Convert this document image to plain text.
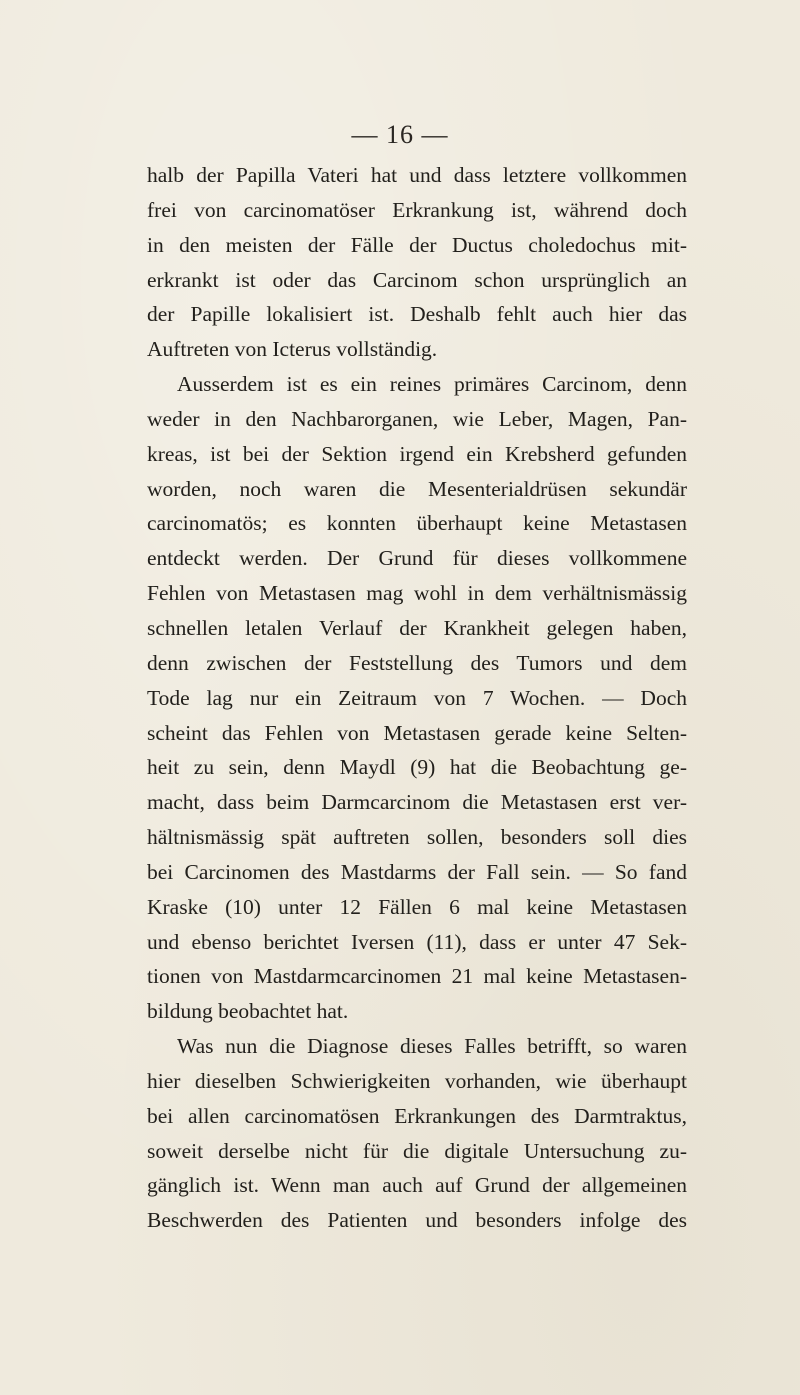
— 16 —
halb der Papilla Vateri hat und dass letztere vollkommen
frei von carcinomatöser Erkrankung ist, während doch
in den meisten der Fälle der Ductus choledochus mit-
erkrankt ist oder das Carcinom schon ursprünglich an
der Papille lokalisiert ist. Deshalb fehlt auch hier das
Auftreten von Icterus vollständig.
Ausserdem ist es ein reines primäres Carcinom, denn
weder in den Nachbarorganen, wie Leber, Magen, Pan-
kreas, ist bei der Sektion irgend ein Krebsherd gefunden
worden, noch waren die Mesenterialdrüsen sekundär
carcinomatös; es konnten überhaupt keine Metastasen
entdeckt werden. Der Grund für dieses vollkommene
Fehlen von Metastasen mag wohl in dem verhältnismässig
schnellen letalen Verlauf der Krankheit gelegen haben,
denn zwischen der Feststellung des Tumors und dem
Tode lag nur ein Zeitraum von 7 Wochen. — Doch
scheint das Fehlen von Metastasen gerade keine Selten-
heit zu sein, denn Maydl (9) hat die Beobachtung ge-
macht, dass beim Darmcarcinom die Metastasen erst ver-
hältnismässig spät auftreten sollen, besonders soll dies
bei Carcinomen des Mastdarms der Fall sein. — So fand
Kraske (10) unter 12 Fällen 6 mal keine Metastasen
und ebenso berichtet Iversen (11), dass er unter 47 Sek-
tionen von Mastdarmcarcinomen 21 mal keine Metastasen-
bildung beobachtet hat.
Was nun die Diagnose dieses Falles betrifft, so waren
hier dieselben Schwierigkeiten vorhanden, wie überhaupt
bei allen carcinomatösen Erkrankungen des Darmtraktus,
soweit derselbe nicht für die digitale Untersuchung zu-
gänglich ist. Wenn man auch auf Grund der allgemeinen
Beschwerden des Patienten und besonders infolge des
